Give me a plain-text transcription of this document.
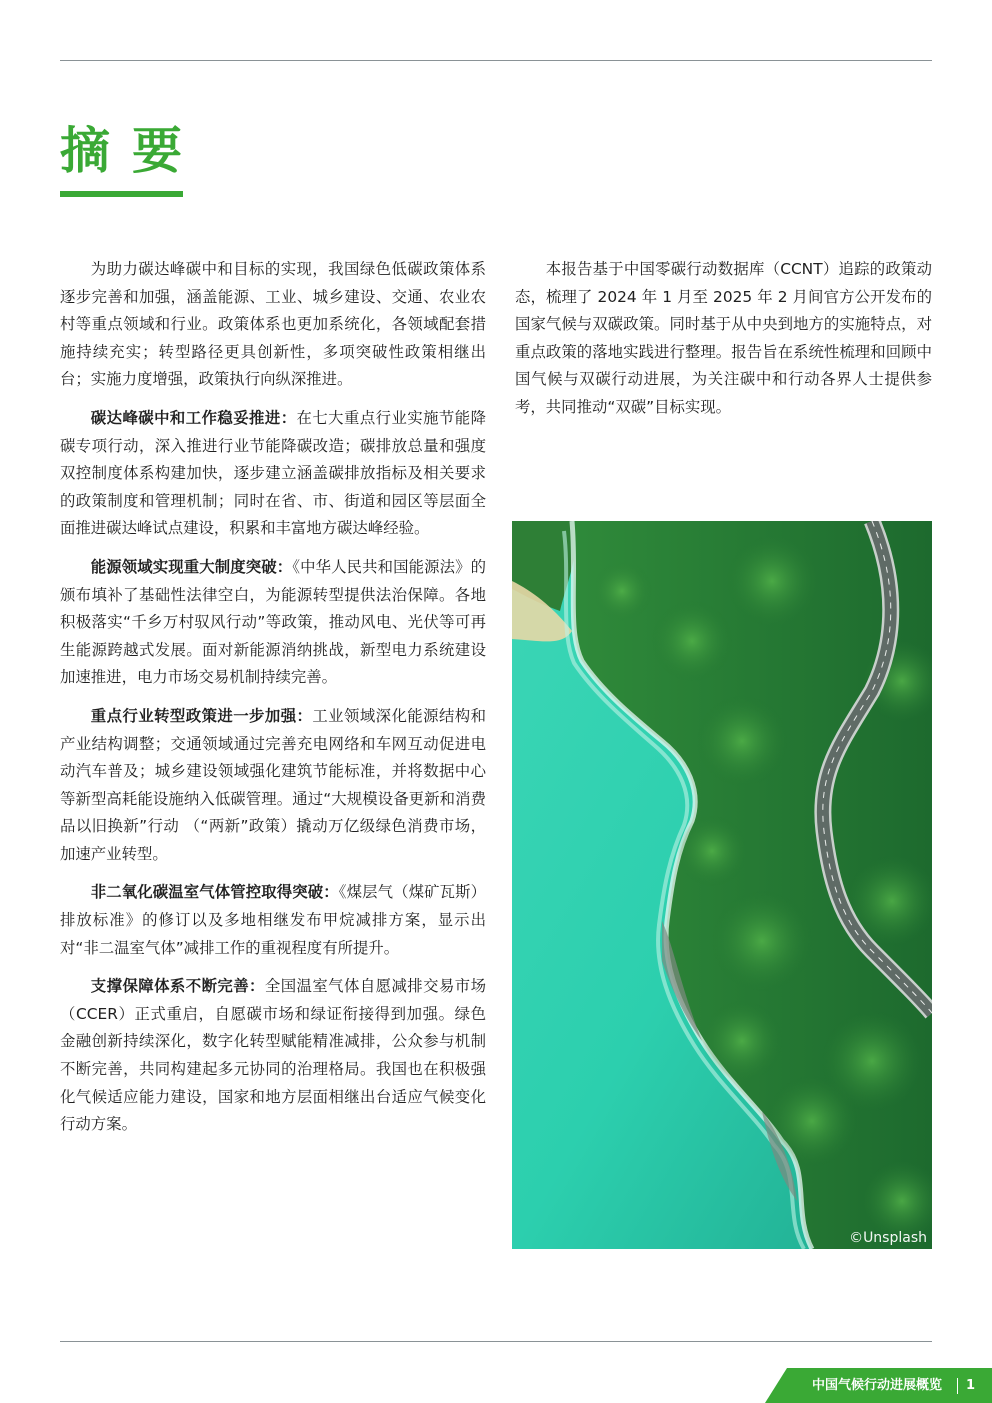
摘要

为助力碳达峰碳中和目标的实现，我国绿色低碳政策体系逐步完善和加强，涵盖能源、工业、城乡建设、交通、农业农村等重点领域和行业。政策体系也更加系统化，各领域配套措施持续充实；转型路径更具创新性，多项突破性政策相继出台；实施力度增强，政策执行向纵深推进。

碳达峰碳中和工作稳妥推进：在七大重点行业实施节能降碳专项行动，深入推进行业节能降碳改造；碳排放总量和强度双控制度体系构建加快，逐步建立涵盖碳排放指标及相关要求的政策制度和管理机制；同时在省、市、街道和园区等层面全面推进碳达峰试点建设，积累和丰富地方碳达峰经验。

能源领域实现重大制度突破：《中华人民共和国能源法》的颁布填补了基础性法律空白，为能源转型提供法治保障。各地积极落实“千乡万村驭风行动”等政策，推动风电、光伏等可再生能源跨越式发展。面对新能源消纳挑战，新型电力系统建设加速推进，电力市场交易机制持续完善。

重点行业转型政策进一步加强：工业领域深化能源结构和产业结构调整；交通领域通过完善充电网络和车网互动促进电动汽车普及；城乡建设领域强化建筑节能标准，并将数据中心等新型高耗能设施纳入低碳管理。通过“大规模设备更新和消费品以旧换新”行动 （“两新”政策）撬动万亿级绿色消费市场，加速产业转型。

非二氧化碳温室气体管控取得突破：《煤层气（煤矿瓦斯）排放标准》的修订以及多地相继发布甲烷减排方案，显示出对“非二温室气体”减排工作的重视程度有所提升。

支撑保障体系不断完善：全国温室气体自愿减排交易市场（CCER）正式重启，自愿碳市场和绿证衔接得到加强。绿色金融创新持续深化，数字化转型赋能精准减排，公众参与机制不断完善，共同构建起多元协同的治理格局。我国也在积极强化气候适应能力建设，国家和地方层面相继出台适应气候变化行动方案。

本报告基于中国零碳行动数据库（CCNT）追踪的政策动态，梳理了 2024 年 1 月至 2025 年 2 月间官方公开发布的国家气候与双碳政策。同时基于从中央到地方的实施特点，对重点政策的落地实践进行整理。报告旨在系统性梳理和回顾中国气候与双碳行动进展，为关注碳中和行动各界人士提供参考，共同推动“双碳”目标实现。

©Unsplash
中国气候行动进展概览 1
